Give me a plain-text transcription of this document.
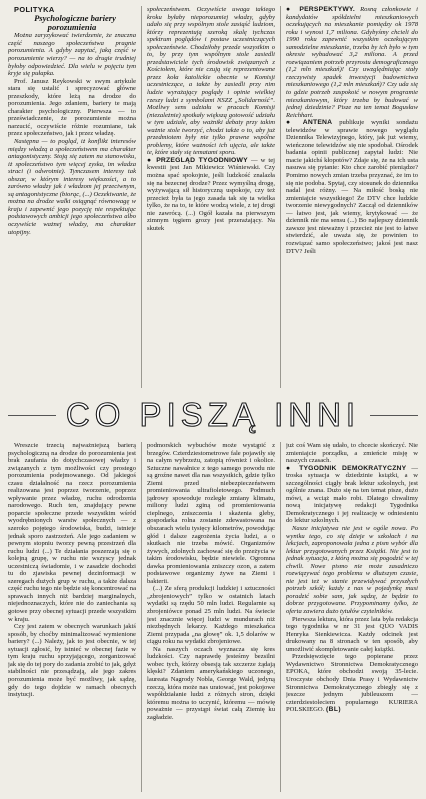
POLITYKA

Psychologiczne bariery porozumienia

Można zaryzykować twierdzenie, że znaczna część naszego społeczeństwa pragnie porozumienia. A gdyby zapytać, jaką część w porozumienie wierzy? — na to drugie trudniej byłoby odpowiedzieć. Dla wielu w pojęciu tym kryje się pułapka.

Prof. Janusz Reykowski w swym artykule stara się ustalić i sprecyzować główne przeszkody, które leżą na drodze do porozumienia. Jego zdaniem, bariery te mają charakter psychologiczny. Pierwsza — to przeświadczenie, że porozumienie można narzucić, oczywiście różnie rozumiane, tak przez społeczeństwo, jak i przez władzę.

Następna — to pogląd, iż konflikt interesów między władzą a społeczeństwem ma charakter antagonistyczny. Stoją się zatem na stanowisku, iż społeczeństwo tym więcej zyska, im władza straci (i odwrotnie). Tymczasem interesy tak obszar, w którym interesy większości, a to zarówno władzy jak i władzom jej przeciwnym, są antagonistyczne (biorąc, (...) Oczekiwanie, że można na drodze walki osiągnąć równowagę w kraju i zapewnić jego pozycję nie respektując podstawowych ambicji jego społeczeństwa albo oczywiście ważnej władzy, ma charakter utopijny.

społeczeństwem. Oczywiście uwaga takiego kroku byłaby nieporozumiej władzy, gdyby udało się przy wspólnym stole zasiąść ludziom, którzy reprezentują szeroką skalę tychczas spektrum poglądów i postaw uczestniczących społeczeństwie. Chodziłoby przede wszystkim o to, by przy tym wspólnym stole zasiedli przedstawiciele tych środowisk związanych z Kościołem, które nie czują się reprezentowane przez koła katolickie obecnie w Komisji uczestniczące, a także by zasiedli przy nim ludzie wyrażający poglądy i opinie wielkiej rzeszy ludzi z symbolami NSZZ „Solidarność”. Możliwy sens udziału w pracach Komisji (niezależnie) spotkały większą gotowość udziału w tym udziale, aby ważniki debaty przy takim ważnie stole tworzyć, chodzi także o to, aby już przedmiotem były nie tylko prawne wspólne problemy, które ważności ich ujęcia, ale także te, które stały się tematami sporu.

● PRZEGLĄD TYGODNIOWY — w tej kwestii jest Jan Mikiewicz Wiśniewski. Czy można spać spokojnie, jeśli ludzkość znalazła się na bezecnej drodze? Przez wymyślną drogę, wyżywającą sił historyczną uspokoje, czy też przecież była ta jego zasada tak się ta wielka tylko, że na to, te które wodzą wiele, z tej drogi nie zawrócą. (...) Ogół kazała na pierwszym zimnym tęgiem grozy jest przerażający. Na skutek

● PERSPEKTYWY. Rosną członkowie i kandydatów spółdzielni mieszkaniowych oczekujących na mieszkanie pomiędzy ok 1978 roku i wynosi 1,7 miliona. Gdybyśmy chcieli do 1990 roku zapewnić wszystkim oczekującym samodzielne mieszkanie, trzeba by ich było w tym okresie wybudować 3,2 miliona. A przed rozwiązaniem potrzeb przyrostu demograficznego (1,2 mln mieszkań)! Czy uwzględniając stały rzeczywisty spadek inwestycji budownictwa mieszkaniowego (1,2 mln mieszkań)? Czy uda się to gdzie potrzeb zaspokoić w nowym programie mieszkaniowym, który trzeba by budować w jednej dziedzinie? Pisze na ten temat Bogusław Reichhart.

● ANTENA publikuje wyniki sondażu telewidzów w sprawie nowego wyglądu Dziennika Telewizyjnego, który, jak już wiemy, wieńczone telewidzów się nie spodobał. Ośrodek badania opinii publicznej zapytał ludzi: Nie macie jakichś kłopotów? Zdaje się, że na ich usta nasuwa się pytanie: Kto chce zarobić pieniądze? Pomimo nowych zmian trzeba przyznać, że im to się nie podoba. Spytaj, czy stosunek do dziennika nadal jest różny. — Na miłość boską nie zmieniajcie wszystkiego! Że DTV chce ludzkie tworzenie niewygodnych? Zaczął od dzienników — łatwo jest, jak wiemy, krytykować — że dziennik nie ma sensu (...) Bo najlepszy dziennik zawsze jest nieważny i przecież nie jest to łatwe stwierdzić, ale uważa się, że powinien to rozwiązać samo społeczeństwo; jakoś jest nasz DTV? Jeśli

CO PISZĄ INNI

Wreszcie trzecią najważniejszą barierą psychologiczną na drodze do porozumienia jest brak zaufania do dotychczasowej władzy i związanych z tym możliwości czy prostego porozumienia podejmowanego. Od jakiegoś czasu działalność na rzecz porozumienia realizowana jest poprzez tworzenie, poprzez wpływanie przez władzę, ruchu odrodzenia narodowego. Ruch ten, znajdujący pewne poparcie społeczne przede wszystkim wśród wyodrębnionych warstw społecznych — z szeroko pojętego środowiska, budzi, istnieje jednak sporo zastrzeżeń. Ale jego zadaniem w pewnym stopniu tworzy pewną przestrzeń dla ruchu ludzi (...) Te działania poszerzają się o kolejną grupę, w ruchu nie wszyscy jednak uczestniczą świadomie, i w zasadzie dochodzi tu do zjawiska pewnej dezinformacji w szeregach dużych grup w ruchu, a także dalsza część ruchu tego nie będzie się koncentrować na sprawach innych niż bardziej marginalnych, niejednoznaczych, które nie do zaniechania są gotowe przy obecnej sytuacji przede wszystkim w kraju.

Czy jest zatem w obecnych warunkach jakiś sposób, by choćby minimalizować wymienione bariery? (...) Należy, jak to jest obecnie, w tej sytuacji zgłosić, by istnieć w obecnej fazie w tym kraju ruchu sprzyjającego, zorganizować jak się do tej pory do zadania zrobić to jak, gdyż stabilności nie przesądzają, ale jego zakres porozumienia może być możliwy, jak sądzę, gdy do tego dojdzie w ramach obecnych instytucji.

podmorskich wybuchów może wystąpić z brzegów. Czterdziestometrowe fale pojawiły się na całym wybrzeżu, zatopią również i okolice. Sztuczne nawałnice z tego samego powodu nie są groźne nawet dla nas wszystkich, gdzie tylko Ziemi przed niebezpieczeństwem promieniowania ultrafioletowego. Podmuch jądrowy spowoduje rozległe zmiany klimatu, miliony ludzi zginą od promieniowania cieplnego, zniszczenia i skażenia gleby, gospodarka rolna zostanie zdewastowana na obszarach wielu tysięcy kilometrów, powodując głód i dalsze zagrożenia życia ludzi, a o skutkach nie trzeba mówić. Organizmów żywych, zdolnych zachować się do przeżycia w takim środowisku, będzie niewiele. Ogromna dawka promieniowania zniszczy ozon, a zatem podstawowe organizmy żywe na Ziemi i bakterii.

(...) Ze sferą produkcji ludzkiej i sztuczności „zbrojeniowych” tylko w ostatnich latach wydatki są rzędu 50 mln ludzi. Regularnie są zbrojeniówce ponad 25 mln ludzi. Na świecie jest znacznie więcej ludzi w mundurach niż niezbędnych lekarzy. Każdego mieszkańca Ziemi przypada „na głowę” ok. 1,5 dolarów w ciągu roku na wydatki zbrojeniowe.

Na naszych oczach wyznacza się kres ludzkości. Czy naprawdę jesteśmy bezsilni wobec tych, którzy obsesją tak szczerze żądają klęski? Zdaniem amerykańskiego uczonego, laureata Nagrody Nobla, George Wald, jedyną rzeczą, która może nas uratować, jest pokojowe współdziałanie ludzi z różnych stron, dzięki któremu można to uczynić, któremu — mówię poważnie — przystąpi świat całą Ziemię ku zagładzie.

już coś Wam się udało, to chcecie skończyć. Nie zmieniajcie porządku, a zmieńcie misję w naszych czasach.

● TYGODNIK DEMOKRATYCZNY — troska sytuacja w dziedzinie książki, a w szczególności ciągły brak lektur szkolnych, jest ogólnie znana. Dużo się na ten temat pisze, dużo mówi, a wciąż mało robi. Dlatego chwalimy nową inicjatywę redakcji Tygodnika Demokratycznego i jej realizację w odniesieniu do lektur szkolnych.

Nasze inicjatywa nie jest w ogóle nowa. Po wyniku tego, co się dzieje w szkołach i na lekcjach, zaproponowała jedna z pism wybór dla lektur przygotowanych przez Książki. Nie jest to jednak sytuacja, z którą można się pogodzić w tej chwili. Nowe pismo nie może zasadniczo rozwiązywać tego problemu w dłuższym czasie, nie jest też w stanie przewidywać przyszłych potrzeb szkół; każdy z nas w pojedynkę musi poradzić sobie sam, jak sądzę, że będzie to dobrze przygotowane. Przypominamy tylko, że oferta zawiera dużo tytułów czytelników.

Pierwsza lektura, która przez lata była redakcja tego tygodnika w nr 31 jest QUO VADIS Henryka Sienkiewicza. Każdy odcinek jest drukowany na 8 stronach w ten sposób, aby umożliwić skompletowanie całej książki.

Przedsięwzięcie tego popierane przez Wydawnictwo Stronnictwa Demokratycznego EPOKA, które obchodzi swoją 35-lecie. Uroczyste obchody Dnia Prasy i Wydawnictw Stronnictwa Demokratycznego zbiegły się z jeszcze jednym jubileuszem — czterdziestoleciem popularnego KURIERA POLSKIEGO. (BL)
